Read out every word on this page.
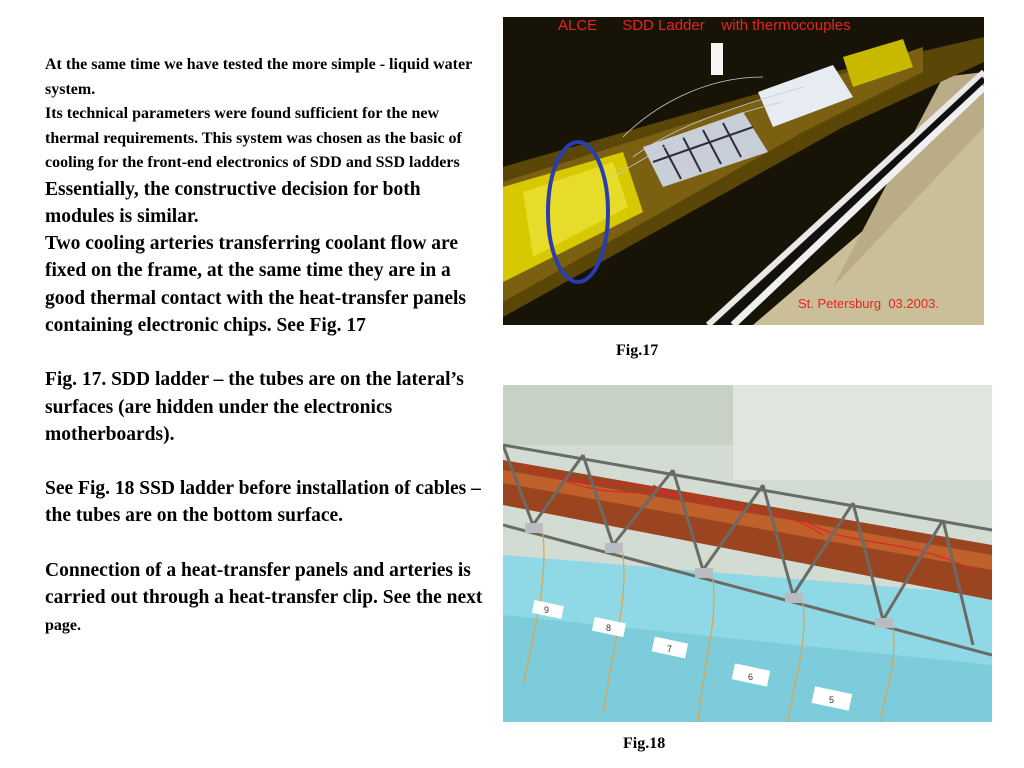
At the same time we have tested the more simple - liquid water system.

Its technical parameters were found sufficient for the new thermal requirements. This system was chosen as the basic of cooling for the front-end electronics of SDD and SSD ladders

Essentially, the constructive decision for both modules is similar.

Two cooling arteries transferring coolant flow are fixed on the frame, at the same time they are in a good thermal contact with the heat-transfer panels containing electronic chips. See Fig. 17

Fig. 17. SDD ladder – the tubes are on the lateral’s surfaces (are hidden under the electronics motherboards).

See Fig. 18 SSD ladder before installation of cables – the tubes are on the bottom surface.

Connection of a heat-transfer panels and arteries is carried out through a heat-transfer clip. See the next page.

ALCE      SDD Ladder    with thermocouples
St. Petersburg  03.2003.
Fig.17
9
8
7
6
5
Fig.18
